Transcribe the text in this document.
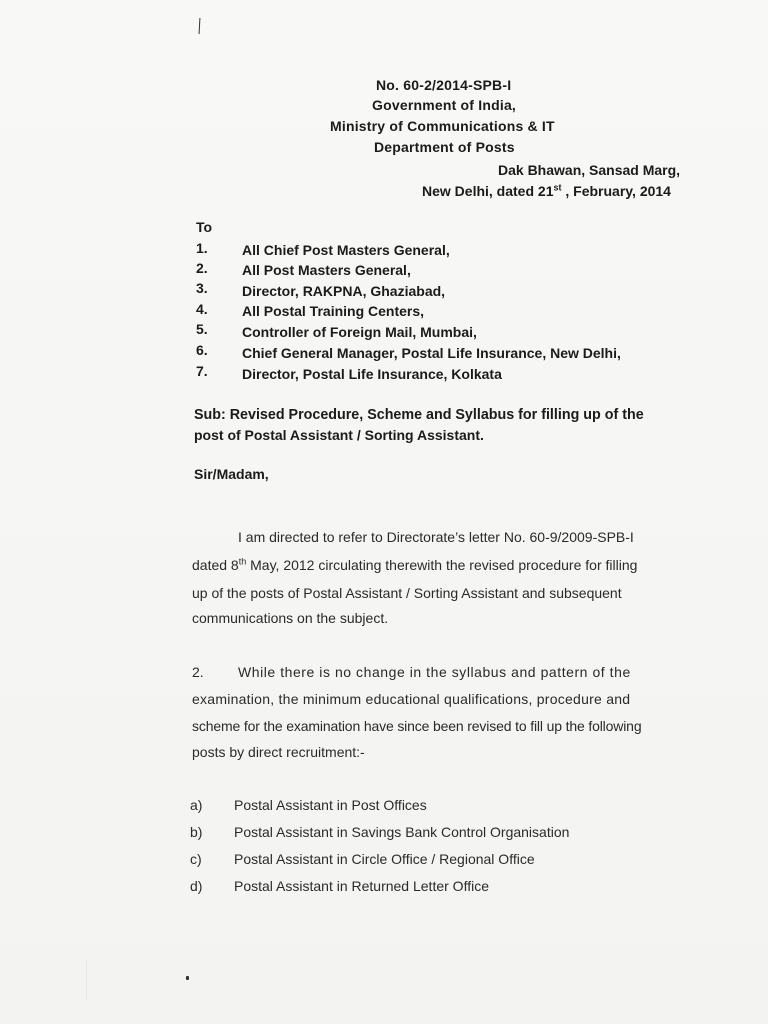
No. 60-2/2014-SPB-I
Government of India,
Ministry of Communications & IT
Department of Posts
Dak Bhawan, Sansad Marg,
New Delhi, dated 21st , February, 2014
To
1. All Chief Post Masters General,
2. All Post Masters General,
3. Director, RAKPNA, Ghaziabad,
4. All Postal Training Centers,
5. Controller of Foreign Mail, Mumbai,
6. Chief General Manager, Postal Life Insurance, New Delhi,
7. Director, Postal Life Insurance, Kolkata
Sub: Revised Procedure, Scheme and Syllabus for filling up of the
post of Postal Assistant / Sorting Assistant.
Sir/Madam,
I am directed to refer to Directorate’s letter No. 60-9/2009-SPB-I
dated 8th May, 2012 circulating therewith the revised procedure for filling
up of the posts of Postal Assistant / Sorting Assistant and subsequent
communications on the subject.
2. While there is no change in the syllabus and pattern of the
examination, the minimum educational qualifications, procedure and
scheme for the examination have since been revised to fill up the following
posts by direct recruitment:-
a) Postal Assistant in Post Offices
b) Postal Assistant in Savings Bank Control Organisation
c) Postal Assistant in Circle Office / Regional Office
d) Postal Assistant in Returned Letter Office
